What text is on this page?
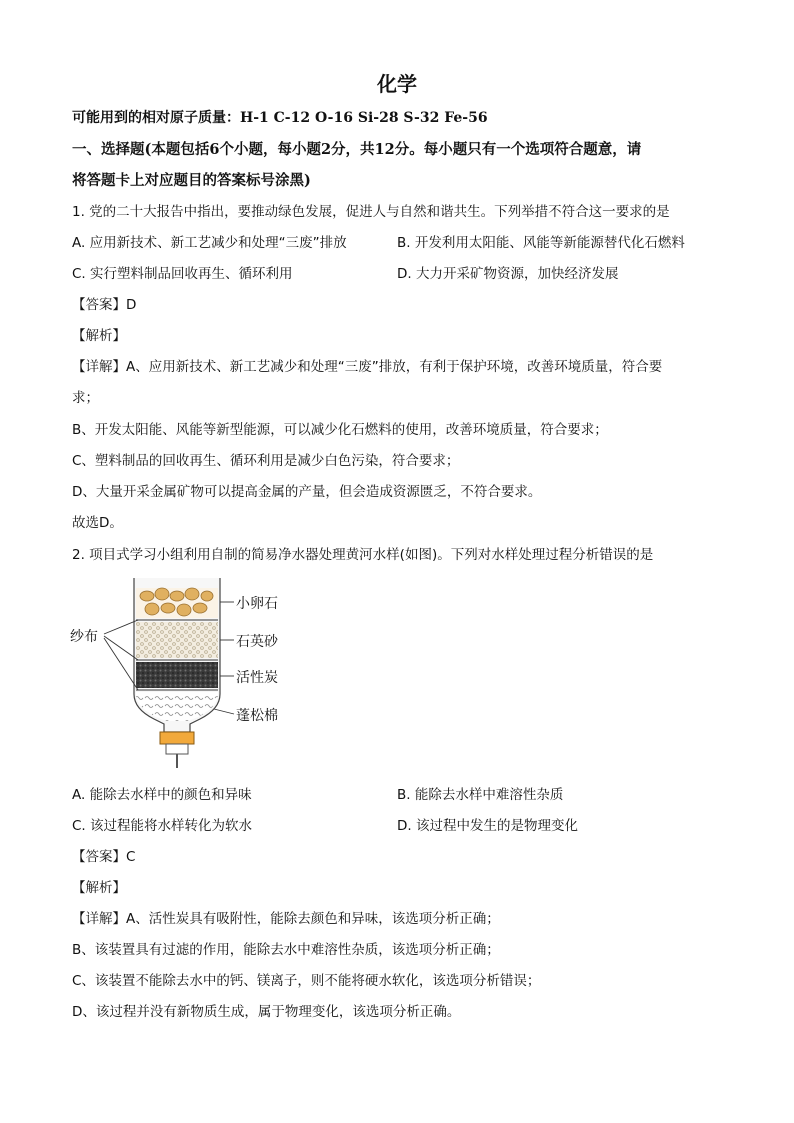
化学
可能用到的相对原子质量：H-1 C-12 O-16 Si-28 S-32 Fe-56
一、选择题(本题包括6个小题，每小题2分，共12分。每小题只有一个选项符合题意，请
将答题卡上对应题目的答案标号涂黑)
1. 党的二十大报告中指出，要推动绿色发展，促进人与自然和谐共生。下列举措不符合这一要求的是
A. 应用新技术、新工艺减少和处理“三废”排放	B. 开发利用太阳能、风能等新能源替代化石燃料
C. 实行塑料制品回收再生、循环利用	D. 大力开采矿物资源，加快经济发展
【答案】D
【解析】
【详解】A、应用新技术、新工艺减少和处理“三废”排放，有利于保护环境，改善环境质量，符合要
求；
B、开发太阳能、风能等新型能源，可以减少化石燃料的使用，改善环境质量，符合要求；
C、塑料制品的回收再生、循环利用是减少白色污染，符合要求；
D、大量开采金属矿物可以提高金属的产量，但会造成资源匮乏，不符合要求。
故选D。
2. 项目式学习小组利用自制的简易净水器处理黄河水样(如图)。下列对水样处理过程分析错误的是
小卵石
石英砂
活性炭
蓬松棉
纱布
A. 能除去水样中的颜色和异味	B. 能除去水样中难溶性杂质
C. 该过程能将水样转化为软水	D. 该过程中发生的是物理变化
【答案】C
【解析】
【详解】A、活性炭具有吸附性，能除去颜色和异味，该选项分析正确；
B、该装置具有过滤的作用，能除去水中难溶性杂质，该选项分析正确；
C、该装置不能除去水中的钙、镁离子，则不能将硬水软化，该选项分析错误；
D、该过程并没有新物质生成，属于物理变化，该选项分析正确。
